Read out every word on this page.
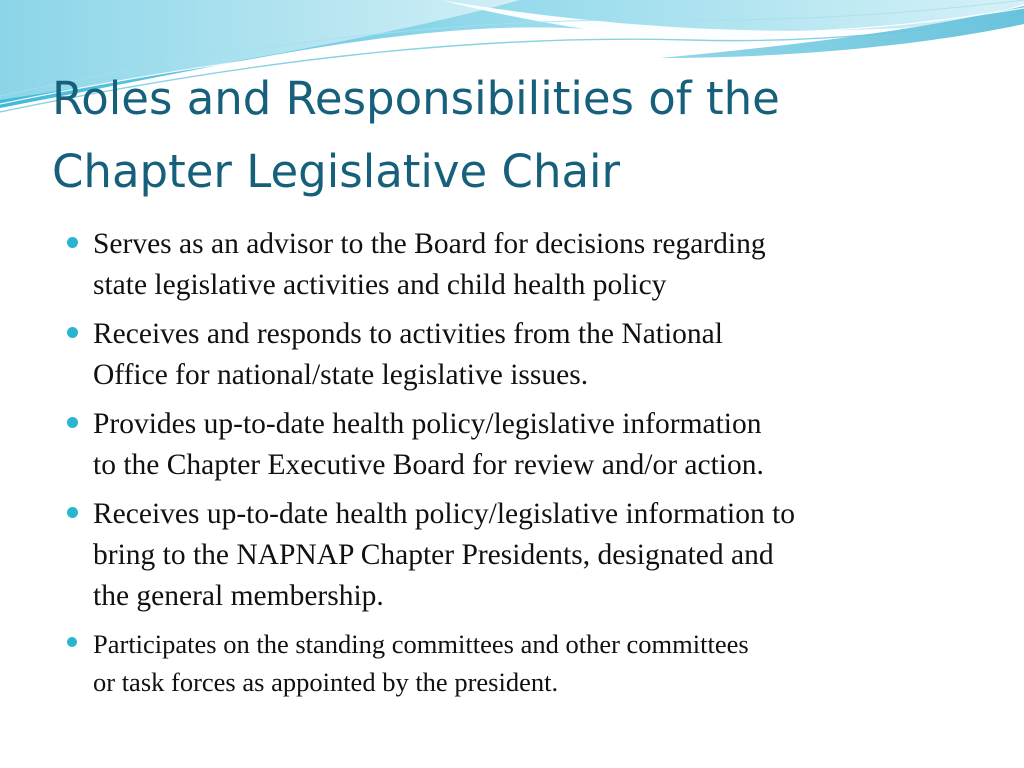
Roles and Responsibilities of the
Chapter Legislative Chair
Serves as an advisor to the Board for decisions regarding
state legislative activities and child health policy
Receives and responds to activities from the National
Office for national/state legislative issues.
Provides up-to-date health policy/legislative information
to the Chapter Executive Board for review and/or action.
Receives up-to-date health policy/legislative information to
bring to the NAPNAP Chapter Presidents, designated and
the general membership.
Participates on the standing committees and other committees
or task forces as appointed by the president.
